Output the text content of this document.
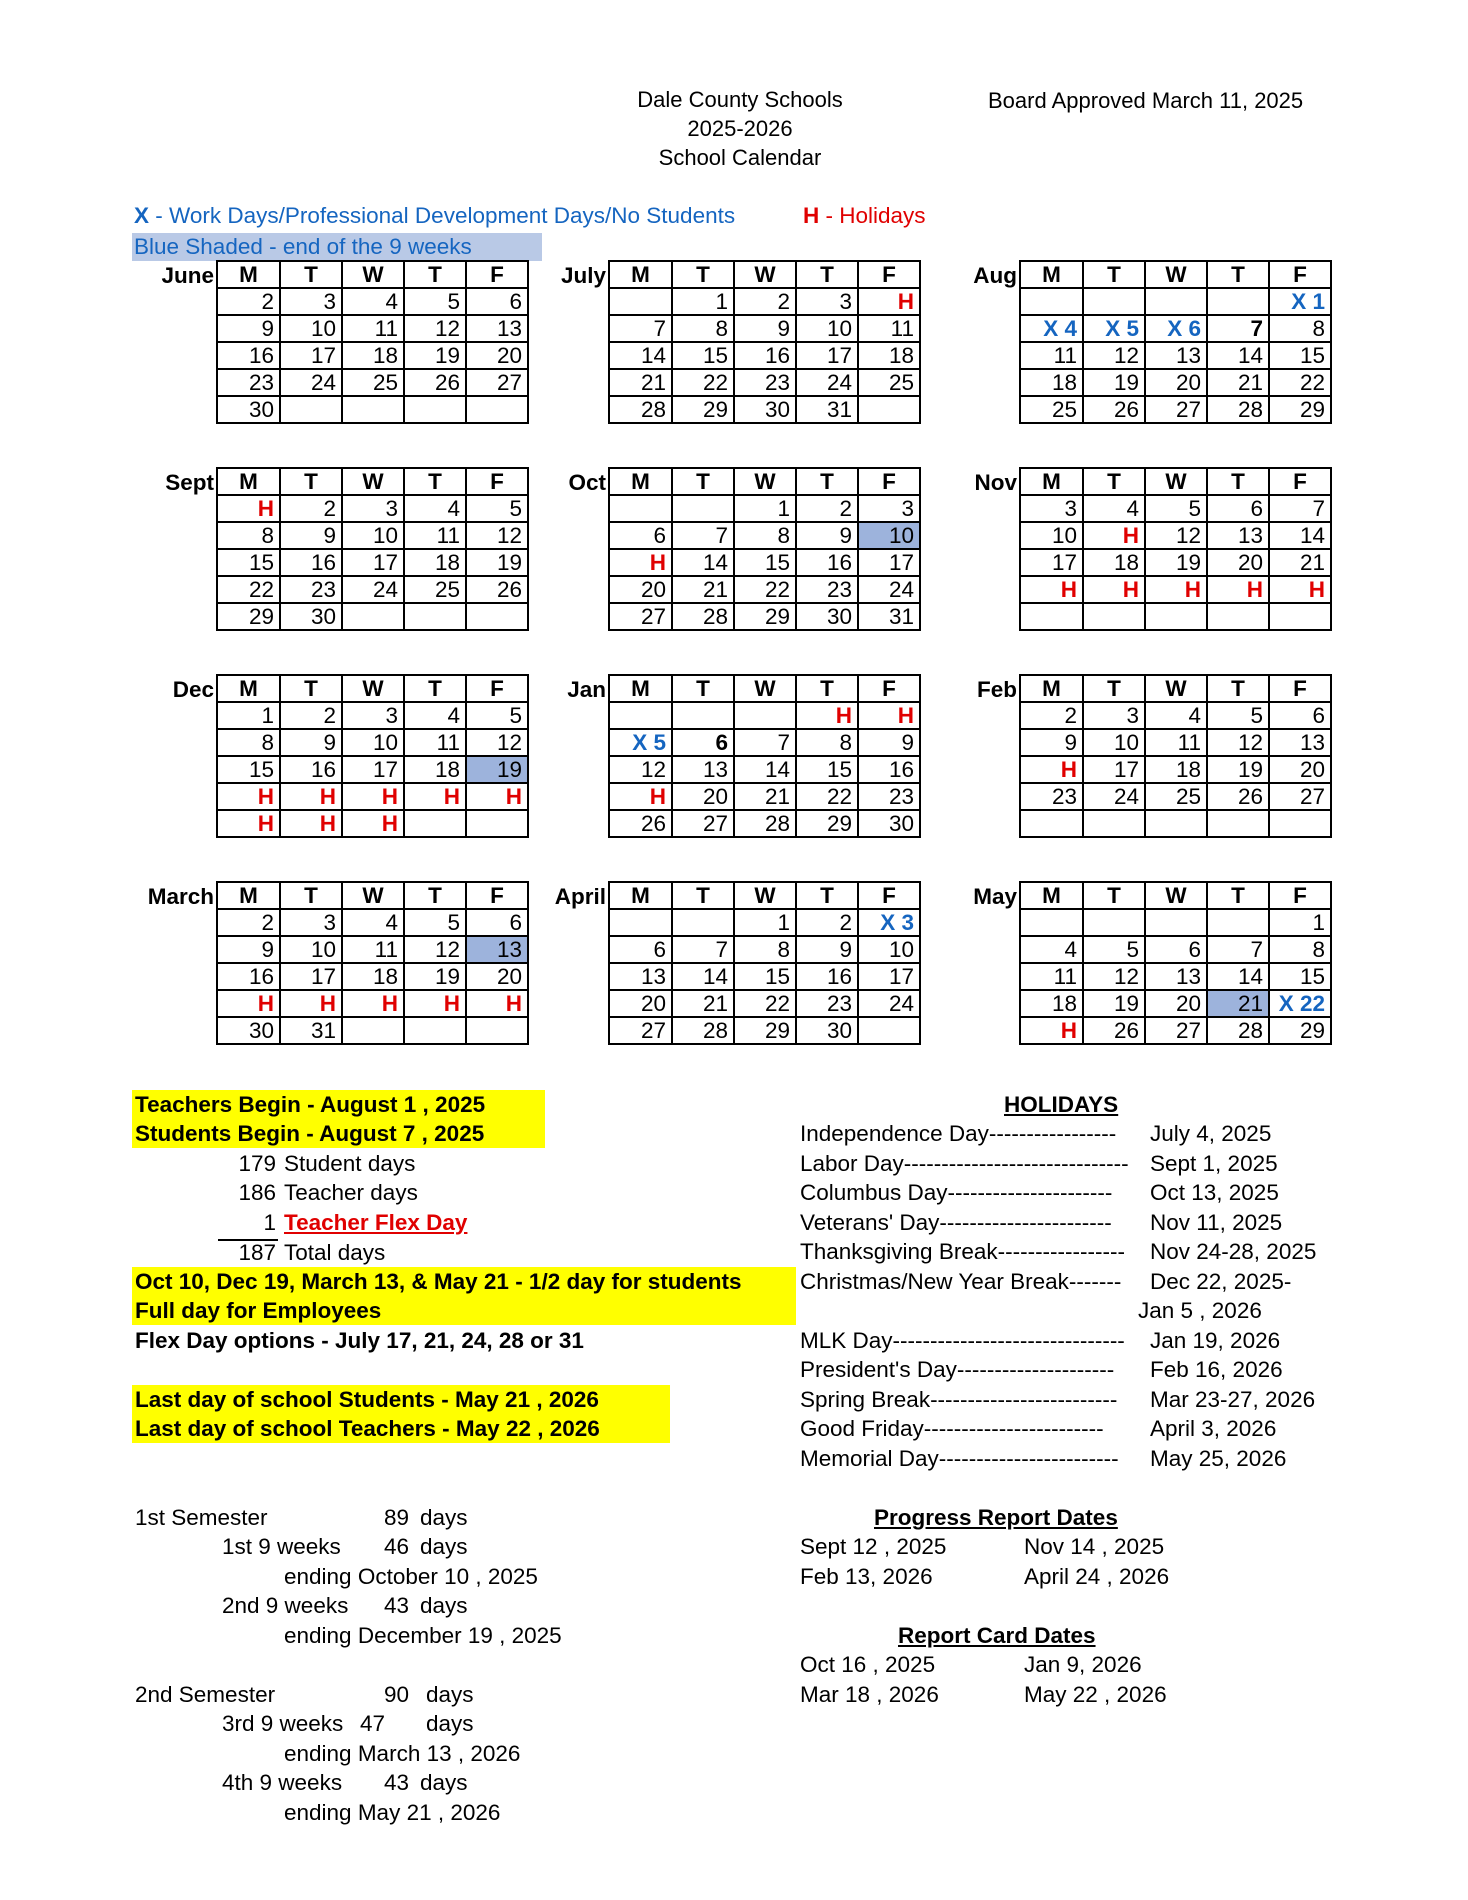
Dale County Schools
2025-2026
School Calendar
Board Approved March 11, 2025
X - Work Days/Professional Development Days/No Students	H - Holidays
Blue Shaded - end of the 9 weeks
June M	T	W	T	F
2	3	4	5	6
9	10	11	12	13
16	17	18	19	20
23	24	25	26	27
30				
July M	T	W	T	F
	1	2	3	H
7	8	9	10	11
14	15	16	17	18
21	22	23	24	25
28	29	30	31	
Aug M	T	W	T	F
				X 1
X 4	X 5	X 6	7	8
11	12	13	14	15
18	19	20	21	22
25	26	27	28	29
Sept M	T	W	T	F
H	2	3	4	5
8	9	10	11	12
15	16	17	18	19
22	23	24	25	26
29	30			
Oct M	T	W	T	F
		1	2	3
6	7	8	9	10
H	14	15	16	17
20	21	22	23	24
27	28	29	30	31
Nov M	T	W	T	F
3	4	5	6	7
10	H	12	13	14
17	18	19	20	21
H	H	H	H	H

Dec M	T	W	T	F
1	2	3	4	5
8	9	10	11	12
15	16	17	18	19
H	H	H	H	H
H	H	H		
Jan M	T	W	T	F
			H	H
X 5	6	7	8	9
12	13	14	15	16
H	20	21	22	23
26	27	28	29	30
Feb M	T	W	T	F
2	3	4	5	6
9	10	11	12	13
H	17	18	19	20
23	24	25	26	27

March M	T	W	T	F
2	3	4	5	6
9	10	11	12	13
16	17	18	19	20
H	H	H	H	H
30	31			
April M	T	W	T	F
		1	2	X 3
6	7	8	9	10
13	14	15	16	17
20	21	22	23	24
27	28	29	30	
May M	T	W	T	F
				1
4	5	6	7	8
11	12	13	14	15
18	19	20	21	X 22
H	26	27	28	29
Teachers Begin - August 1 , 2025
Students Begin - August 7 , 2025
179 Student days
186 Teacher days
1 Teacher Flex Day
187 Total days
Oct 10, Dec 19, March 13, & May 21 - 1/2 day for students
Full day for Employees
Flex Day options - July 17, 21, 24, 28 or 31
Last day of school Students - May 21 , 2026
Last day of school Teachers - May 22 , 2026
1st Semester	89 days
1st 9 weeks 46 days
ending October 10 , 2025
2nd 9 weeks 43 days
ending December 19 , 2025
2nd Semester	90 days
3rd 9 weeks 47 days
ending March 13 , 2026
4th 9 weeks 43 days
ending May 21 , 2026
HOLIDAYS
Independence Day-----------------	July 4, 2025
Labor Day------------------------------ Sept 1, 2025
Columbus Day----------------------	Oct 13, 2025
Veterans' Day-----------------------	Nov 11, 2025
Thanksgiving Break-----------------	Nov 24-28, 2025
Christmas/New Year Break-------	Dec 22, 2025-
Jan 5 , 2026
MLK Day-------------------------------	Jan 19, 2026
President's Day---------------------	Feb 16, 2026
Spring Break-------------------------	Mar 23-27, 2026
Good Friday------------------------	April 3, 2026
Memorial Day------------------------	May 25, 2026
Progress Report Dates
Sept 12 , 2025	Nov 14 , 2025
Feb 13, 2026	April 24 , 2026
Report Card Dates
Oct 16 , 2025	Jan 9, 2026
Mar 18 , 2026	May 22 , 2026
